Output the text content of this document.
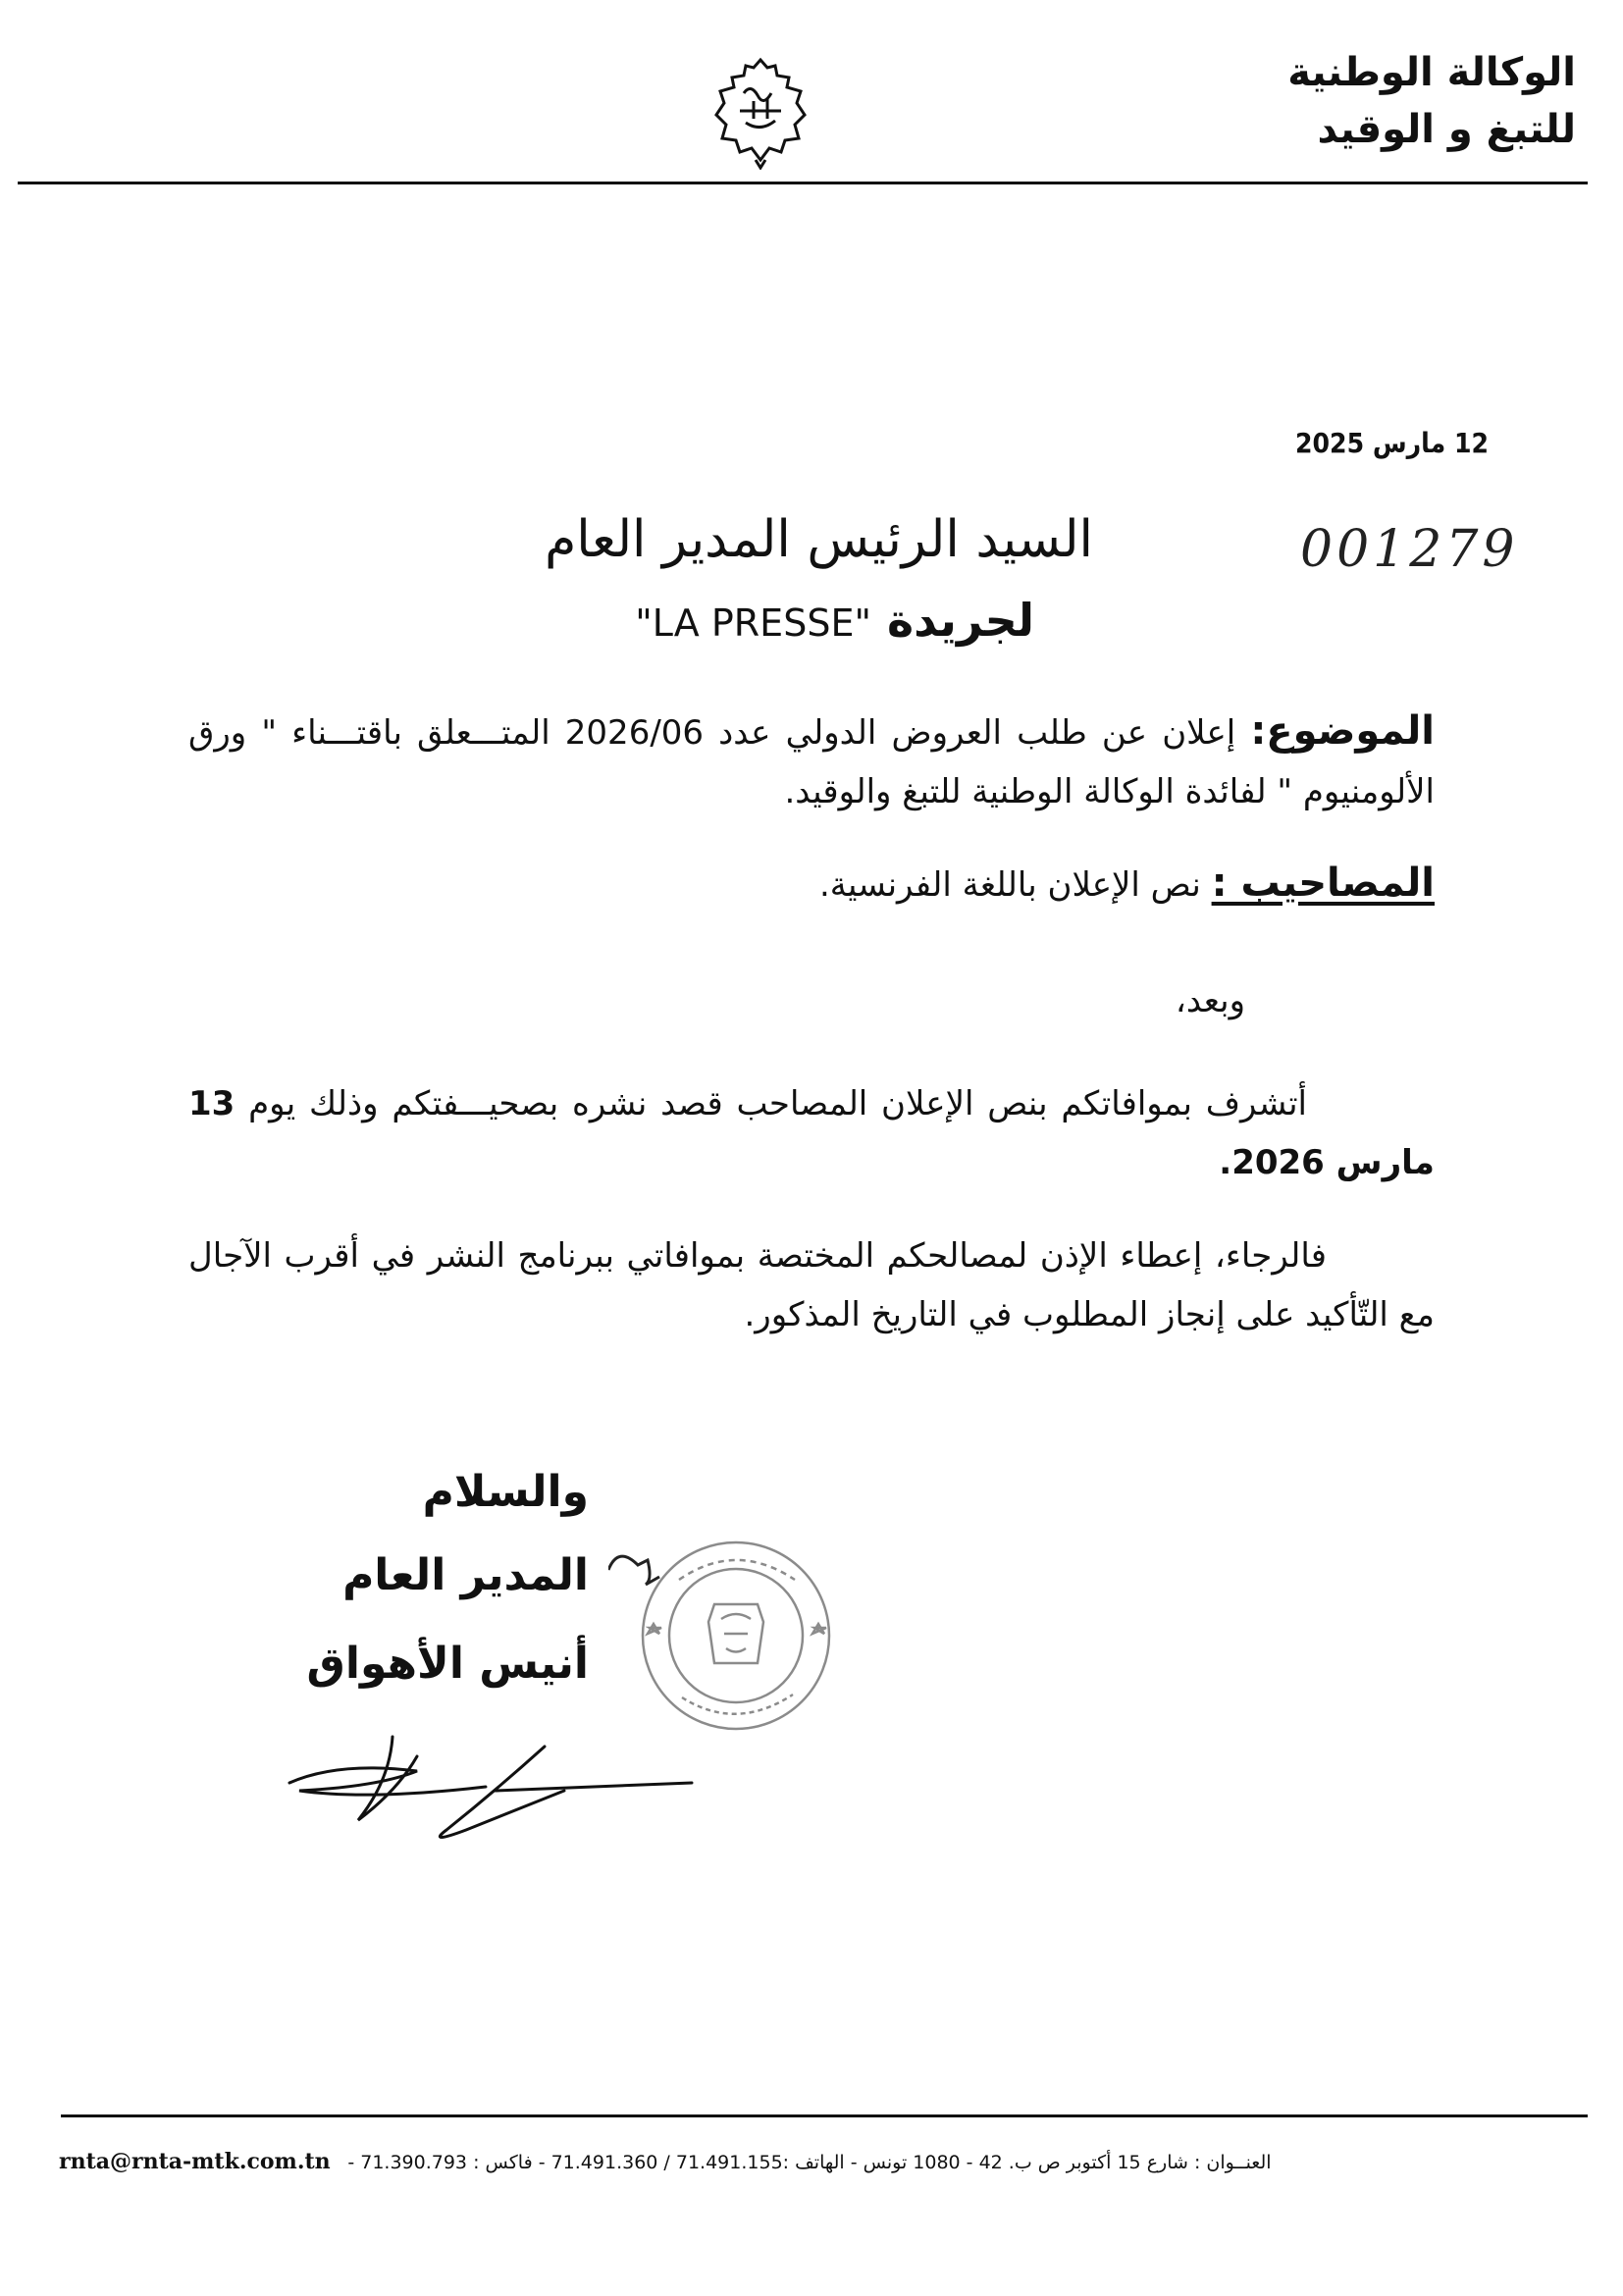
الوكالة الوطنية
للتبغ و الوقيد
12 مارس 2025
001279
السيد الرئيس المدير العام
لجريدة "LA PRESSE"
الموضوع: إعلان عن طلب العروض الدولي عدد 2026/06 المتـــعلق باقتـــناء " ورق الألومنيوم " لفائدة الوكالة الوطنية للتبغ والوقيد.
المصاحيب : نص الإعلان باللغة الفرنسية.
وبعد،
أتشرف بموافاتكم بنص الإعلان المصاحب قصد نشره بصحيـــفتكم وذلك يوم 13 مارس 2026.
فالرجاء، إعطاء الإذن لمصالحكم المختصة بموافاتي ببرنامج النشر في أقرب الآجال مع التّأكيد على إنجاز المطلوب في التاريخ المذكور.
والسلام
المدير العام
أنيس الأهواق
rnta@rnta-mtk.com.tn العنــوان : شارع 15 أكتوبر ص ب. 42 - 1080 تونس - الهاتف :71.491.155 / 71.491.360 - فاكس : 71.390.793 -
